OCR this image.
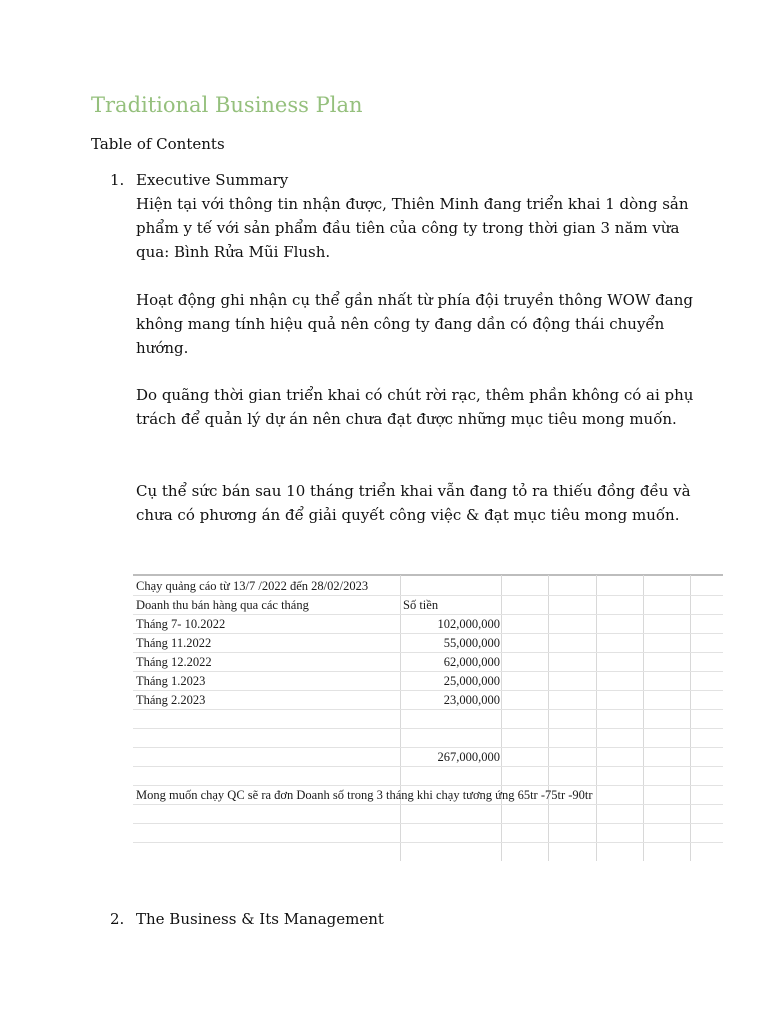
Traditional Business Plan
Table of Contents
1. Executive Summary

Hiện tại với thông tin nhận được, Thiên Minh đang triển khai 1 dòng sản phẩm y tế với sản phẩm đầu tiên của công ty trong thời gian 3 năm vừa qua: Bình Rửa Mũi Flush.

Hoạt động ghi nhận cụ thể gần nhất từ phía đội truyền thông WOW đang không mang tính hiệu quả nên công ty đang dần có động thái chuyển hướng.

Do quãng thời gian triển khai có chút rời rạc, thêm phần không có ai phụ trách để quản lý dự án nên chưa đạt được những mục tiêu mong muốn.

Cụ thể sức bán sau 10 tháng triển khai vẫn đang tỏ ra thiếu đồng đều và chưa có phương án để giải quyết công việc & đạt mục tiêu mong muốn.

Chạy quảng cáo từ 13/7 /2022 đến 28/02/2023
Doanh thu bán hàng qua các tháng	Số tiền
Tháng 7- 10.2022	102,000,000
Tháng 11.2022	55,000,000
Tháng 12.2022	62,000,000
Tháng 1.2023	25,000,000
Tháng 2.2023	23,000,000
267,000,000
Mong muốn chạy QC sẽ ra đơn Doanh số trong 3 tháng khi chạy tương ứng 65tr -75tr -90tr
2. The Business & Its Management
